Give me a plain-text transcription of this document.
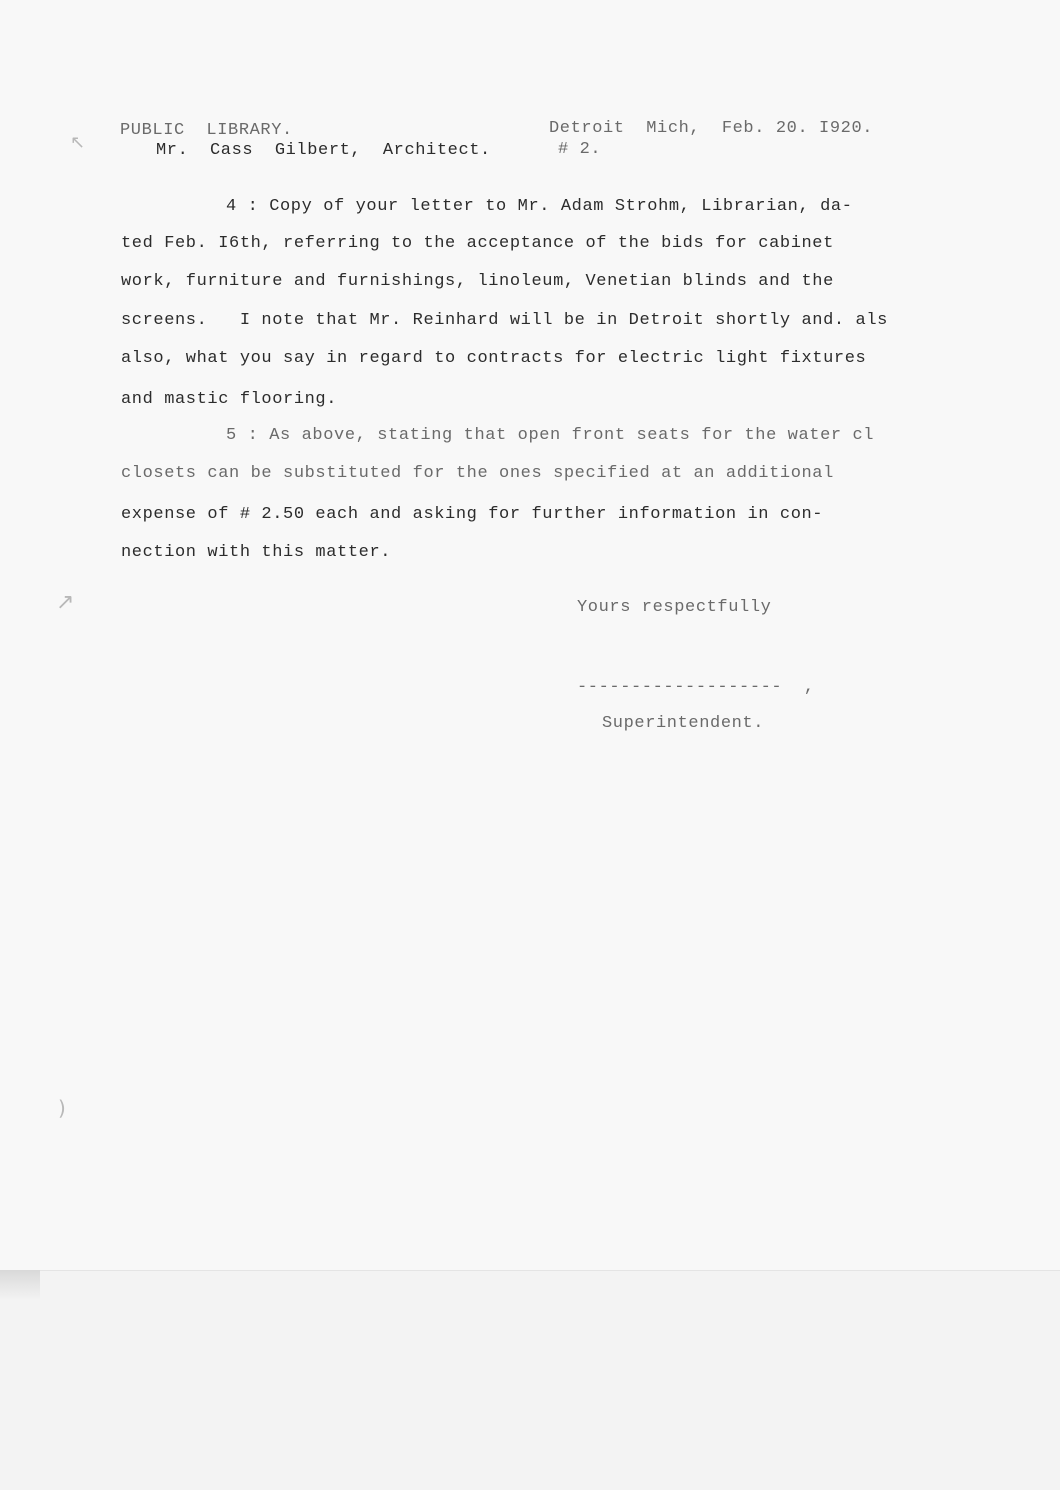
PUBLIC  LIBRARY.	Detroit  Mich,  Feb. 20. I920.
Mr.  Cass  Gilbert,  Architect.	# 2.
4 : Copy of your letter to Mr. Adam Strohm, Librarian, da-
ted Feb. I6th, referring to the acceptance of the bids for cabinet
work, furniture and furnishings, linoleum, Venetian blinds and the
screens.   I note that Mr. Reinhard will be in Detroit shortly and. als
also, what you say in regard to contracts for electric light fixtures
and mastic flooring.
5 : As above, stating that open front seats for the water cl
closets can be substituted for the ones specified at an additional
expense of # 2.50 each and asking for further information in con-
nection with this matter.
Yours respectfully
-------------------  ,
Superintendent.
↗
↖
)
